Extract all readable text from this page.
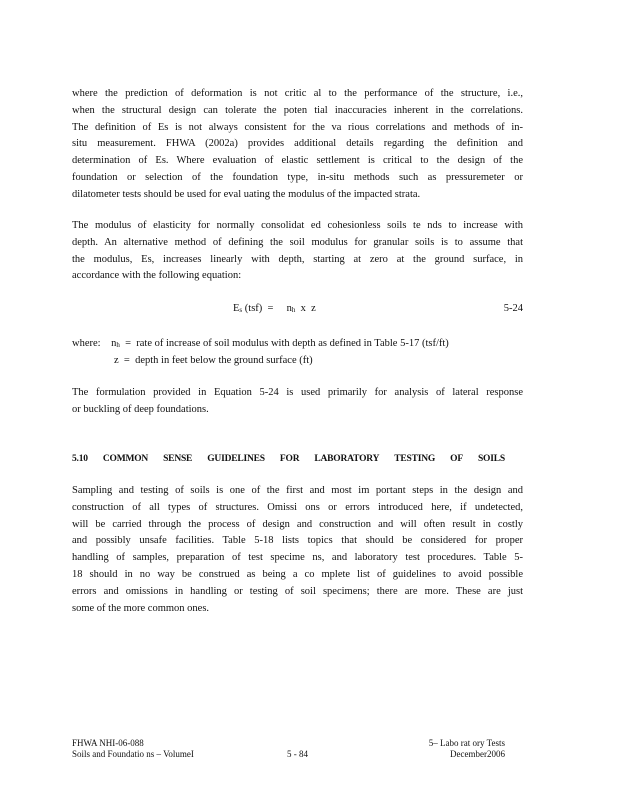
where the prediction of deformation is not critic al to the performance of the structure, i.e.,
when the structural design can tolerate the poten tial inaccuracies inherent in the correlations.
The definition of Es is not always consistent for the va rious correlations and methods of in-
situ measurement. FHWA (2002a) provides additional details regarding the definition and
determination of Es. Where evaluation of elastic settlement is critical to the design of the
foundation or selection of the foundation type, in-situ methods such as pressuremeter or
dilatometer tests should be used for eval uating the modulus of the impacted strata.
The modulus of elasticity for normally consolidat ed cohesionless soils te nds to increase with
depth. An alternative method of defining the soil modulus for granular soils is to assume that
the modulus, Es, increases linearly with depth, starting at zero at the ground surface, in
accordance with the following equation:
$E_s$ (tsf)  =     $n_h$  x  z	5-24
where: $n_h$  =  rate of increase of soil modulus with depth as defined in Table 5-17 (tsf/ft)
z  =  depth in feet below the ground surface (ft)
The formulation provided in Equation 5-24 is used primarily for analysis of lateral response
or buckling of deep foundations.
5.10 COMMON SENSE GUIDELINES FOR LABORATORY TESTING OF SOILS
Sampling and testing of soils is one of the first and most im portant steps in the design and
construction of all types of structures. Omissi ons or errors introduced here, if undetected,
will be carried through the process of design and construction and will often result in costly
and possibly unsafe facilities. Table 5-18 lists topics that should be considered for proper
handling of samples, preparation of test specime ns, and laboratory test procedures. Table 5-
18 should in no way be construed as being a co mplete list of guidelines to avoid possible
errors and omissions in handling or testing of soil specimens; there are more. These are just
some of the more common ones.
FHWA NHI-06-088	5– Labo rat ory Tests
Soils and Foundatio ns – VolumeI	5 - 84	December2006
